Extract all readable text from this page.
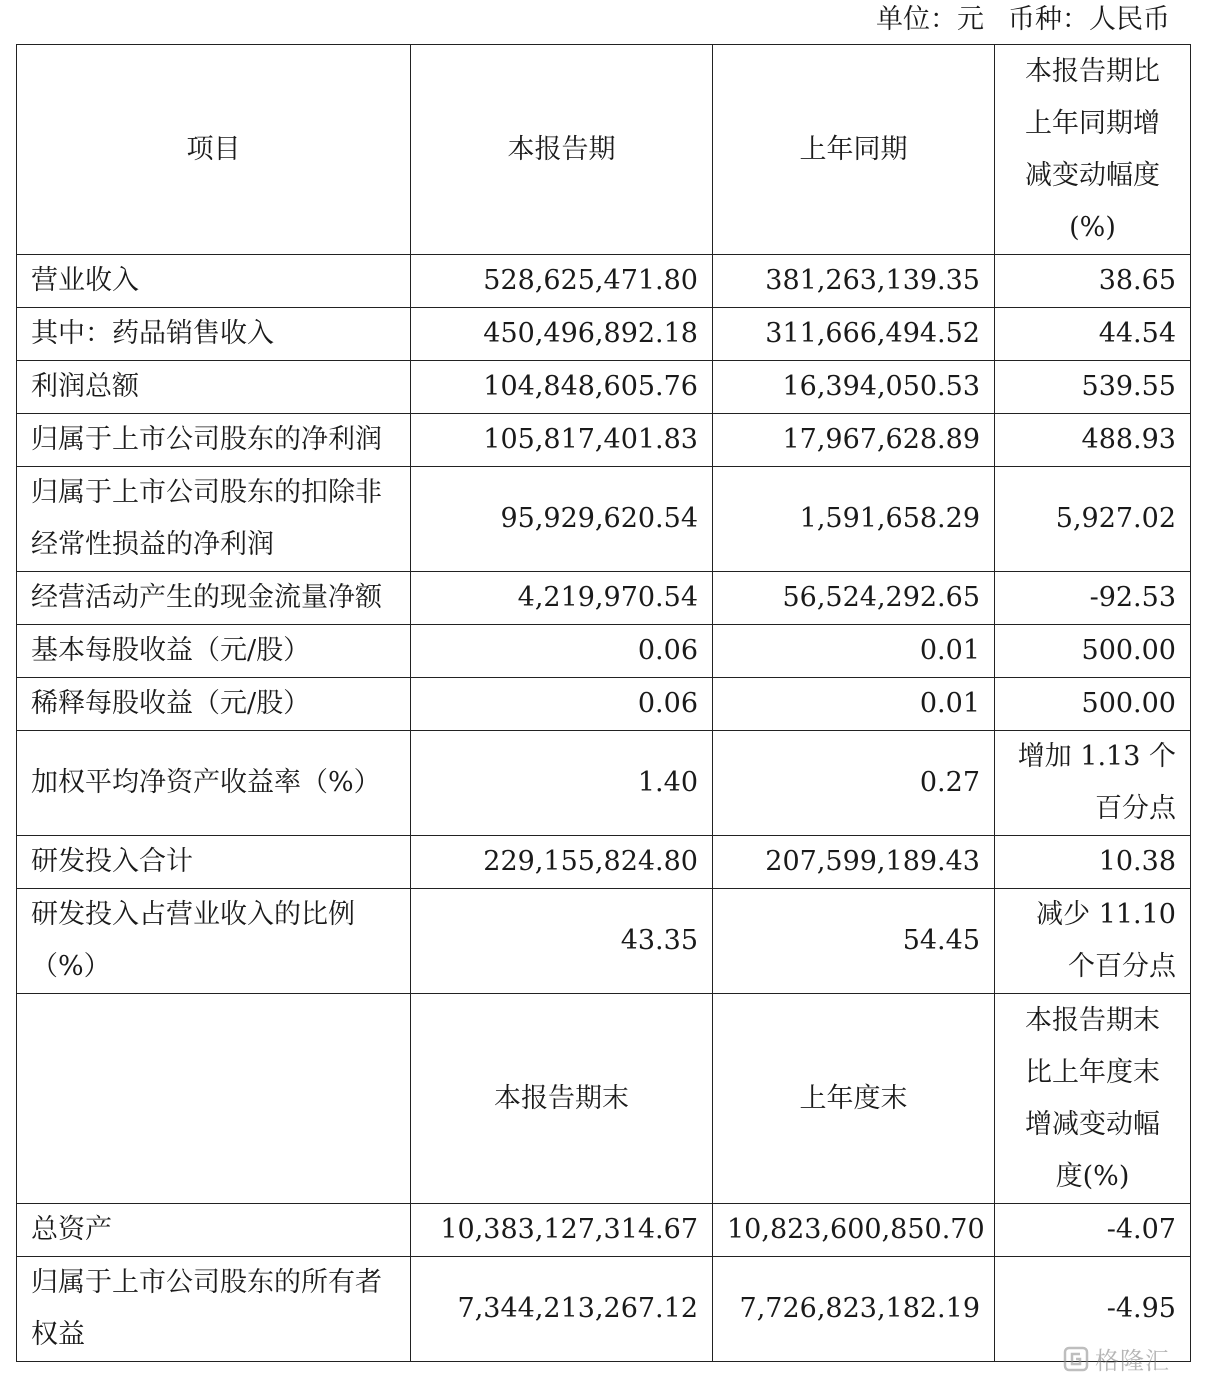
单位：元 币种：人民币
项目	本报告期	上年同期	本报告期比
上年同期增
减变动幅度
(%)
营业收入	528,625,471.80	381,263,139.35	38.65
其中：药品销售收入	450,496,892.18	311,666,494.52	44.54
利润总额	104,848,605.76	16,394,050.53	539.55
归属于上市公司股东的净利润	105,817,401.83	17,967,628.89	488.93
归属于上市公司股东的扣除非
经常性损益的净利润	95,929,620.54	1,591,658.29	5,927.02
经营活动产生的现金流量净额	4,219,970.54	56,524,292.65	-92.53
基本每股收益（元/股）	0.06	0.01	500.00
稀释每股收益（元/股）	0.06	0.01	500.00
加权平均净资产收益率（%）	1.40	0.27	增加 1.13 个
百分点
研发投入合计	229,155,824.80	207,599,189.43	10.38
研发投入占营业收入的比例
（%）	43.35	54.45	减少 11.10
个百分点
	本报告期末	上年度末	本报告期末
比上年度末
增减变动幅
度(%)
总资产	10,383,127,314.67	10,823,600,850.70	-4.07
归属于上市公司股东的所有者
权益	7,344,213,267.12	7,726,823,182.19	-4.95
格隆汇
